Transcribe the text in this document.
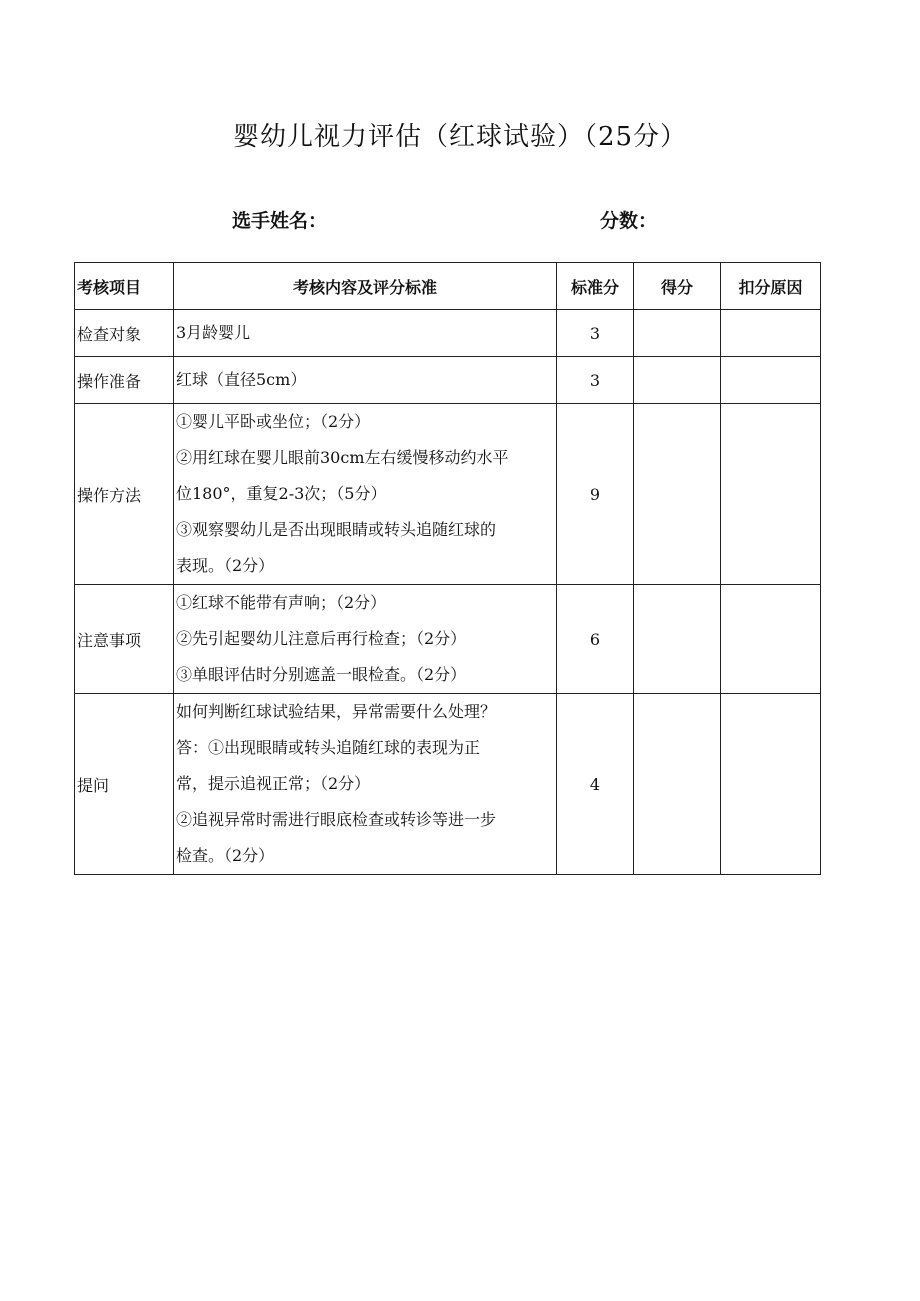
婴幼儿视力评估（红球试验）（25分）
选手姓名：	分数：
考核项目	考核内容及评分标准	标准分	得分	扣分原因
检查对象	3月龄婴儿	3		
操作准备	红球（直径5cm）	3		
操作方法	①婴儿平卧或坐位；（2分）
②用红球在婴儿眼前30cm左右缓慢移动约水平
位180°，重复2-3次；（5分）
③观察婴幼儿是否出现眼睛或转头追随红球的
表现。（2分）	9		
注意事项	①红球不能带有声响；（2分）
②先引起婴幼儿注意后再行检查；（2分）
③单眼评估时分别遮盖一眼检查。（2分）	6		
提问	如何判断红球试验结果，异常需要什么处理？
答：①出现眼睛或转头追随红球的表现为正
常，提示追视正常；（2分）
②追视异常时需进行眼底检查或转诊等进一步
检查。（2分）	4		
